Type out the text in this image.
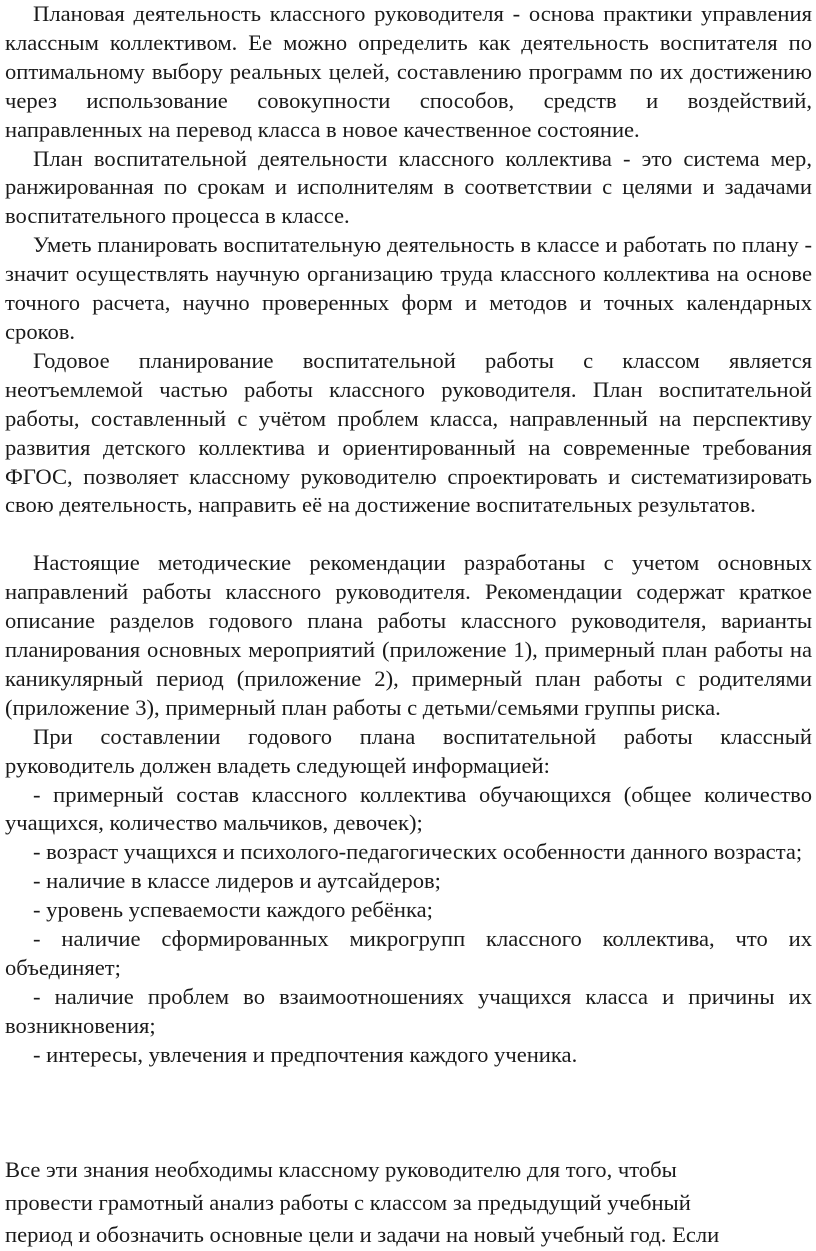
Плановая деятельность классного руководителя - основа практики управления классным коллективом. Ее можно определить как деятельность воспитателя по оптимальному выбору реальных целей, составлению программ по их достижению через использование совокупности способов, средств и воздействий, направленных на перевод класса в новое качественное состояние.

План воспитательной деятельности классного коллектива - это система мер, ранжированная по срокам и исполнителям в соответствии с целями и задачами воспитательного процесса в классе.

Уметь планировать воспитательную деятельность в классе и работать по плану - значит осуществлять научную организацию труда классного коллектива на основе точного расчета, научно проверенных форм и методов и точных календарных сроков.

Годовое планирование воспитательной работы с классом является неотъемлемой частью работы классного руководителя. План воспитательной работы, составленный с учётом проблем класса, направленный на перспективу развития детского коллектива и ориентированный на современные требования ФГОС, позволяет классному руководителю спроектировать и систематизировать свою деятельность, направить её на достижение воспитательных результатов.

Настоящие методические рекомендации разработаны с учетом основных направлений работы классного руководителя. Рекомендации содержат краткое описание разделов годового плана работы классного руководителя, варианты планирования основных мероприятий (приложение 1), примерный план работы на каникулярный период (приложение 2), примерный план работы с родителями (приложение 3), примерный план работы с детьми/семьями группы риска.

При составлении годового плана воспитательной работы классный руководитель должен владеть следующей информацией:

- примерный состав классного коллектива обучающихся (общее количество учащихся, количество мальчиков, девочек);

- возраст учащихся и психолого-педагогических особенности данного возраста;

- наличие в классе лидеров и аутсайдеров;

- уровень успеваемости каждого ребёнка;

- наличие сформированных микрогрупп классного коллектива, что их объединяет;

- наличие проблем во взаимоотношениях учащихся класса и причины их возникновения;

- интересы, увлечения и предпочтения каждого ученика.

Все эти знания необходимы классному руководителю для того, чтобы
провести грамотный анализ работы с классом за предыдущий учебный
период и обозначить основные цели и задачи на новый учебный год. Если
